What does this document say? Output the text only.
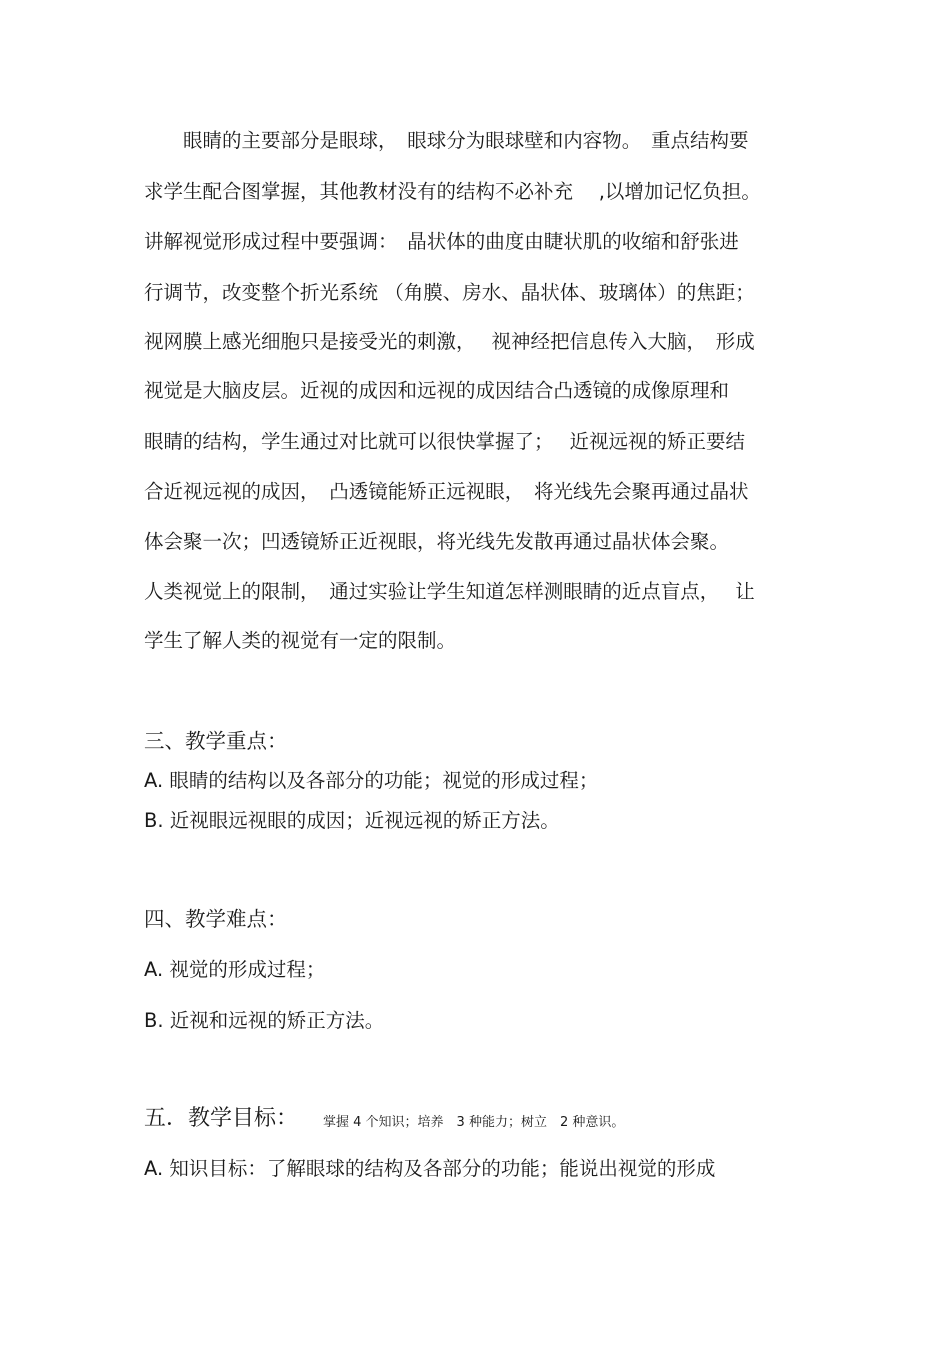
　　眼睛的主要部分是眼球，　眼球分为眼球壁和内容物。　重点结构要
求学生配合图掌握，其他教材没有的结构不必补充　 ,以增加记忆负担。
讲解视觉形成过程中要强调：　晶状体的曲度由睫状肌的收缩和舒张进
行调节，改变整个折光系统 （角膜、房水、晶状体、玻璃体）的焦距；
视网膜上感光细胞只是接受光的刺激，　 视神经把信息传入大脑，　形成
视觉是大脑皮层。近视的成因和远视的成因结合凸透镜的成像原理和
眼睛的结构，学生通过对比就可以很快掌握了；　 近视远视的矫正要结
合近视远视的成因，　凸透镜能矫正远视眼，　将光线先会聚再通过晶状
体会聚一次；凹透镜矫正近视眼，将光线先发散再通过晶状体会聚。
人类视觉上的限制，　通过实验让学生知道怎样测眼睛的近点盲点，　 让
学生了解人类的视觉有一定的限制。
三、教学重点：
A. 眼睛的结构以及各部分的功能；视觉的形成过程；
B. 近视眼远视眼的成因；近视远视的矫正方法。
四、教学难点：
A. 视觉的形成过程；
B. 近视和远视的矫正方法。
五．教学目标： 掌握 4 个知识；培养　3 种能力；树立　2 种意识。
A. 知识目标：了解眼球的结构及各部分的功能；能说出视觉的形成
